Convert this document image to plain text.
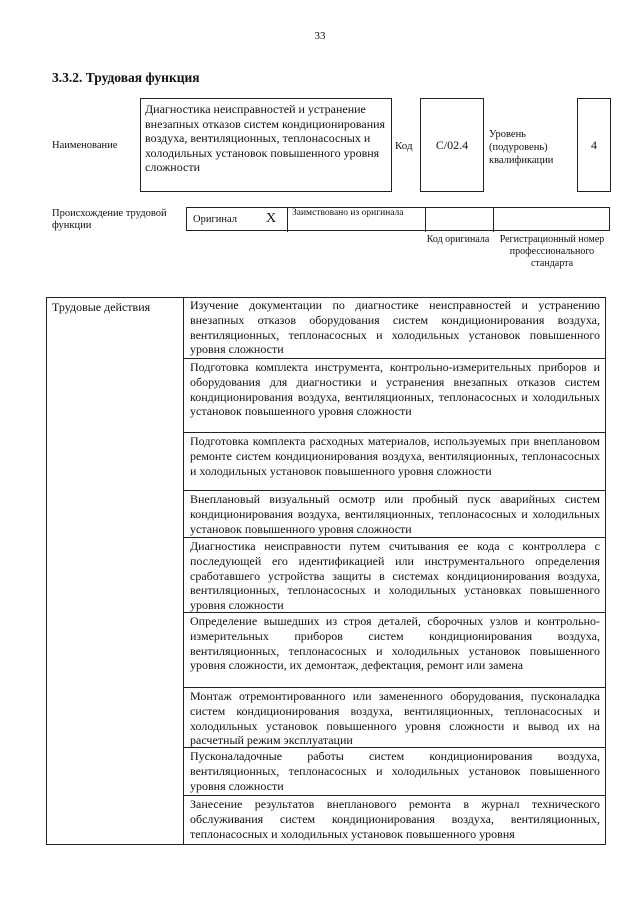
33
3.3.2. Трудовая функция
Наименование
Диагностика неисправностей и устранение внезапных отказов систем кондиционирования воздуха, вентиляционных, теплонасосных и холодильных установок повышенного уровня сложности
Код С/02.4
Уровень (подуровень) квалификации
4
Происхождение трудовой функции
Оригинал	X	Заимствовано из оригинала
Код оригинала	Регистрационный номер профессионального стандарта
Трудовые действия	Изучение документации по диагностике неисправностей и устранению внезапных отказов оборудования систем кондиционирования воздуха, вентиляционных, теплонасосных и холодильных установок повышенного уровня сложности
Подготовка комплекта инструмента, контрольно-измерительных приборов и оборудования для диагностики и устранения внезапных отказов систем кондиционирования воздуха, вентиляционных, теплонасосных и холодильных установок повышенного уровня сложности
Подготовка комплекта расходных материалов, используемых при внеплановом ремонте систем кондиционирования воздуха, вентиляционных, теплонасосных и холодильных установок повышенного уровня сложности
Внеплановый визуальный осмотр или пробный пуск аварийных систем кондиционирования воздуха, вентиляционных, теплонасосных и холодильных установок повышенного уровня сложности
Диагностика неисправности путем считывания ее кода с контроллера с последующей его идентификацией или инструментального определения сработавшего устройства защиты в системах кондиционирования воздуха, вентиляционных, теплонасосных и холодильных установках повышенного уровня сложности
Определение вышедших из строя деталей, сборочных узлов и контрольно-измерительных приборов систем кондиционирования воздуха, вентиляционных, теплонасосных и холодильных установок повышенного уровня сложности, их демонтаж, дефектация, ремонт или замена
Монтаж отремонтированного или замененного оборудования, пусконаладка систем кондиционирования воздуха, вентиляционных, теплонасосных и холодильных установок повышенного уровня сложности и вывод их на расчетный режим эксплуатации
Пусконаладочные работы систем кондиционирования воздуха, вентиляционных, теплонасосных и холодильных установок повышенного уровня сложности
Занесение результатов внепланового ремонта в журнал технического обслуживания систем кондиционирования воздуха, вентиляционных, теплонасосных и холодильных установок повышенного уровня
